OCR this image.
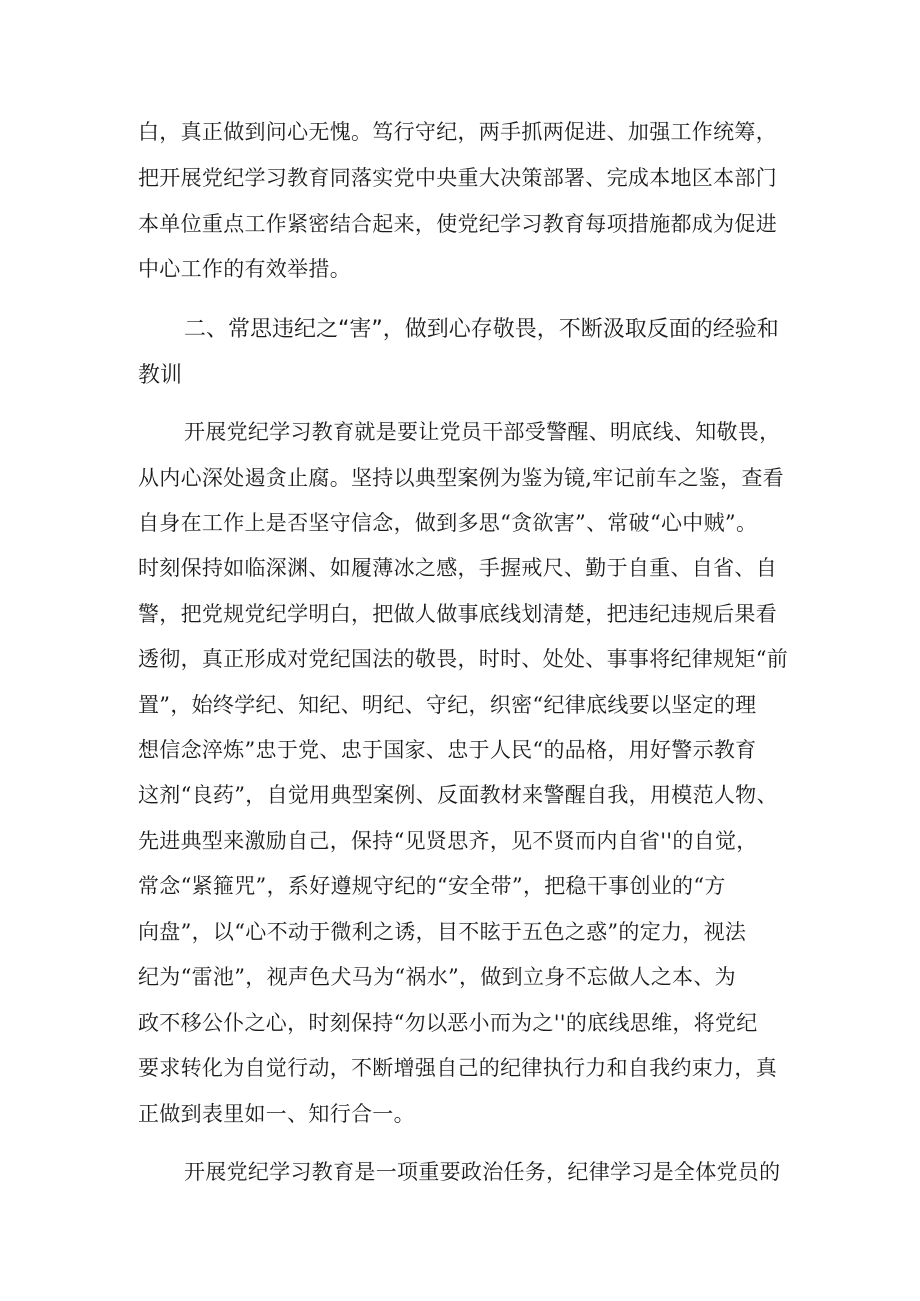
白，真正做到问心无愧。笃行守纪，两手抓两促进、加强工作统筹，
把开展党纪学习教育同落实党中央重大决策部署、完成本地区本部门
本单位重点工作紧密结合起来，使党纪学习教育每项措施都成为促进
中心工作的有效举措。
二、常思违纪之“害”，做到心存敬畏，不断汲取反面的经验和
教训
开展党纪学习教育就是要让党员干部受警醒、明底线、知敬畏，
从内心深处遏贪止腐。坚持以典型案例为鉴为镜,牢记前车之鉴，查看
自身在工作上是否坚守信念，做到多思“贪欲害”、常破“心中贼”。
时刻保持如临深渊、如履薄冰之感，手握戒尺、勤于自重、自省、自
警，把党规党纪学明白，把做人做事底线划清楚，把违纪违规后果看
透彻，真正形成对党纪国法的敬畏，时时、处处、事事将纪律规矩“前
置”，始终学纪、知纪、明纪、守纪，织密“纪律底线要以坚定的理
想信念淬炼”忠于党、忠于国家、忠于人民“的品格，用好警示教育
这剂“良药”，自觉用典型案例、反面教材来警醒自我，用模范人物、
先进典型来激励自己，保持“见贤思齐，见不贤而内自省''的自觉，
常念“紧箍咒”，系好遵规守纪的“安全带”，把稳干事创业的“方
向盘”，以“心不动于微利之诱，目不眩于五色之惑”的定力，视法
纪为“雷池”，视声色犬马为“祸水”，做到立身不忘做人之本、为
政不移公仆之心，时刻保持“勿以恶小而为之''的底线思维，将党纪
要求转化为自觉行动，不断增强自己的纪律执行力和自我约束力，真
正做到表里如一、知行合一。
开展党纪学习教育是一项重要政治任务，纪律学习是全体党员的
